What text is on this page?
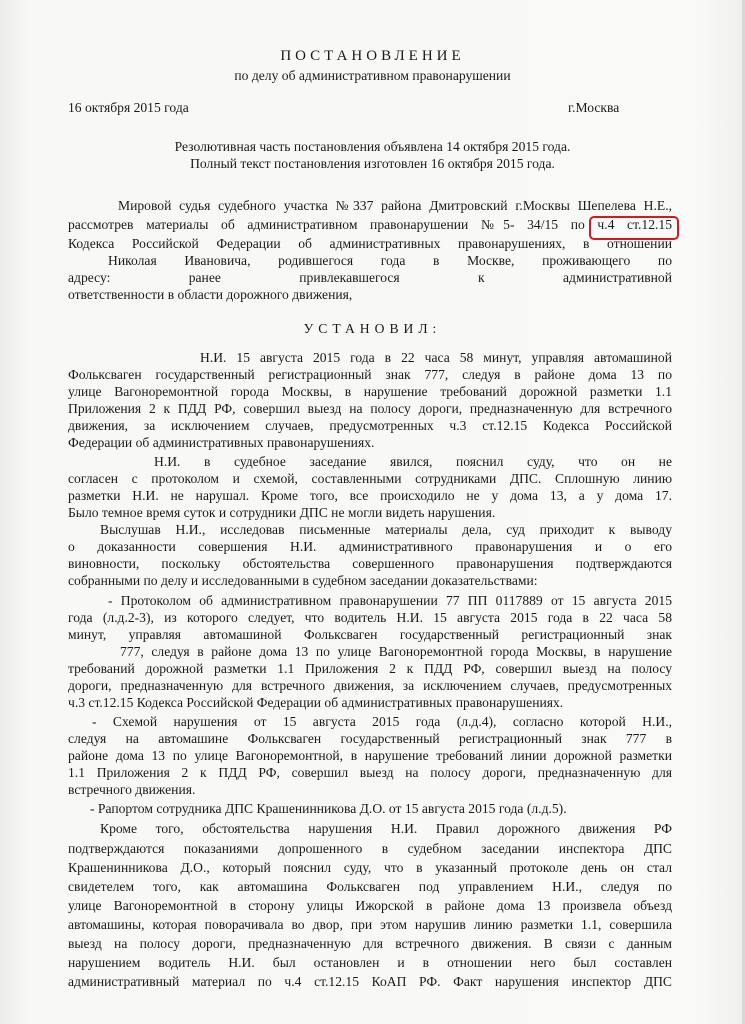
ПОСТАНОВЛЕНИЕ
по делу об административном правонарушении
16 октября 2015 года	г.Москва
Резолютивная часть постановления объявлена 14 октября 2015 года.
Полный текст постановления изготовлен 16 октября 2015 года.
Мировой судья судебного участка №337 района Дмитровский г.Москвы Шепелева Н.Е.,
рассмотрев материалы об административном правонарушении №5- 34/15 по ч.4 ст.12.15
Кодекса Российской Федерации об административных правонарушениях, в отношении
Николая Ивановича, родившегося года в Москве, проживающего по
адресу: ранее привлекавшегося к административной
ответственности в области дорожного движения,
УСТАНОВИЛ:
Н.И. 15 августа 2015 года в 22 часа 58 минут, управляя автомашиной
Фольксваген государственный регистрационный знак 777, следуя в районе дома 13 по
улице Вагоноремонтной города Москвы, в нарушение требований дорожной разметки 1.1
Приложения 2 к ПДД РФ, совершил выезд на полосу дороги, предназначенную для встречного
движения, за исключением случаев, предусмотренных ч.3 ст.12.15 Кодекса Российской
Федерации об административных правонарушениях.
Н.И. в судебное заседание явился, пояснил суду, что он не
согласен с протоколом и схемой, составленными сотрудниками ДПС. Сплошную линию
разметки Н.И. не нарушал. Кроме того, все происходило не у дома 13, а у дома 17.
Было темное время суток и сотрудники ДПС не могли видеть нарушения.
Выслушав Н.И., исследовав письменные материалы дела, суд приходит к выводу
о доказанности совершения Н.И. административного правонарушения и о его
виновности, поскольку обстоятельства совершенного правонарушения подтверждаются
собранными по делу и исследованными в судебном заседании доказательствами:
- Протоколом об административном правонарушении 77 ПП 0117889 от 15 августа 2015
года (л.д.2-3), из которого следует, что водитель Н.И. 15 августа 2015 года в 22 часа 58
минут, управляя автомашиной Фольксваген государственный регистрационный знак
777, следуя в районе дома 13 по улице Вагоноремонтной города Москвы, в нарушение
требований дорожной разметки 1.1 Приложения 2 к ПДД РФ, совершил выезд на полосу
дороги, предназначенную для встречного движения, за исключением случаев, предусмотренных
ч.3 ст.12.15 Кодекса Российской Федерации об административных правонарушениях.
- Схемой нарушения от 15 августа 2015 года (л.д.4), согласно которой Н.И.,
следуя на автомашине Фольксваген государственный регистрационный знак 777 в
районе дома 13 по улице Вагоноремонтной, в нарушение требований линии дорожной разметки
1.1 Приложения 2 к ПДД РФ, совершил выезд на полосу дороги, предназначенную для
встречного движения.
- Рапортом сотрудника ДПС Крашенинникова Д.О. от 15 августа 2015 года (л.д.5).
Кроме того, обстоятельства нарушения Н.И. Правил дорожного движения РФ
подтверждаются показаниями допрошенного в судебном заседании инспектора ДПС
Крашенинникова Д.О., который пояснил суду, что в указанный протоколе день он стал
свидетелем того, как автомашина Фольксваген под управлением Н.И., следуя по
улице Вагоноремонтной в сторону улицы Ижорской в районе дома 13 произвела объезд
автомашины, которая поворачивала во двор, при этом нарушив линию разметки 1.1, совершила
выезд на полосу дороги, предназначенную для встречного движения. В связи с данным
нарушением водитель Н.И. был остановлен и в отношении него был составлен
административный материал по ч.4 ст.12.15 КоАП РФ. Факт нарушения инспектор ДПС
